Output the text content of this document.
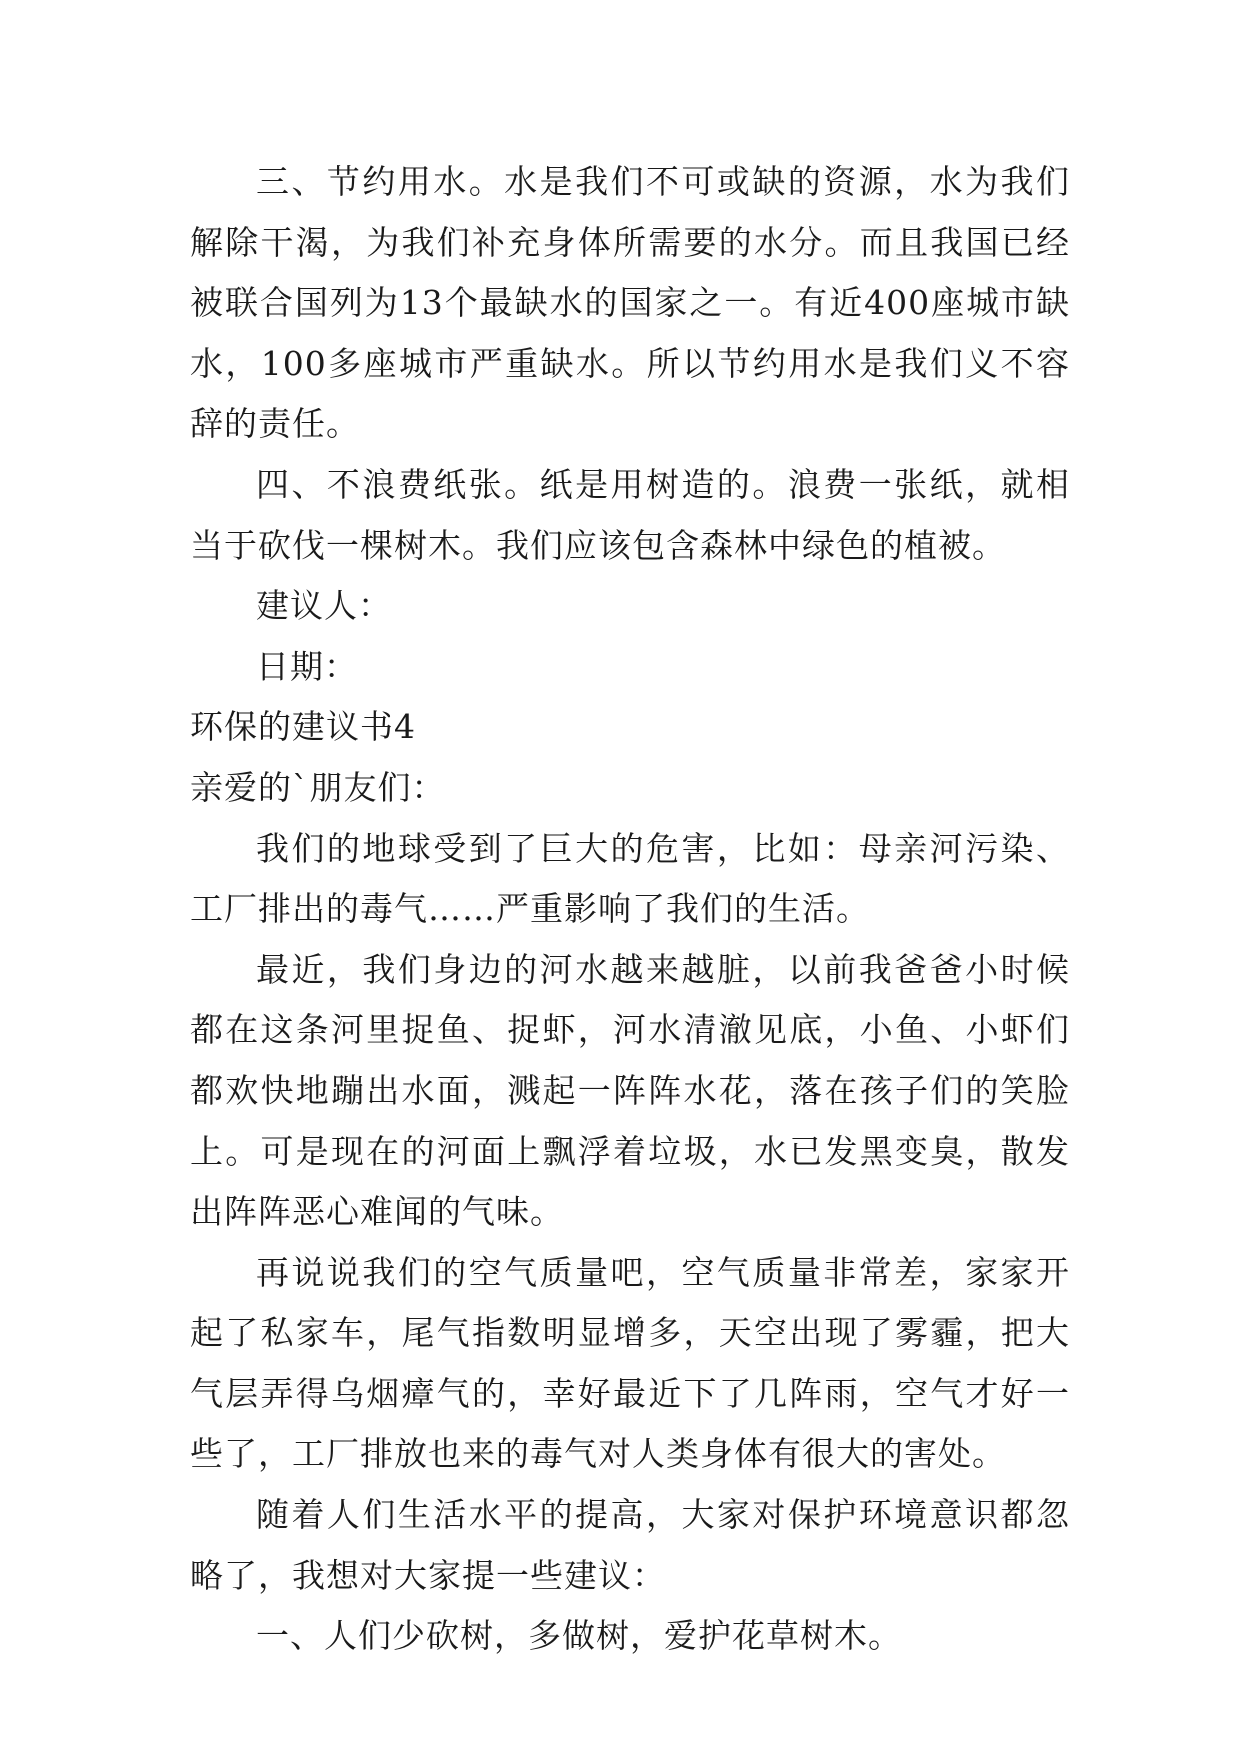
三、节约用水。水是我们不可或缺的资源，水为我们解除干渴，为我们补充身体所需要的水分。而且我国已经被联合国列为13个最缺水的国家之一。有近400座城市缺水，100多座城市严重缺水。所以节约用水是我们义不容辞的责任。

四、不浪费纸张。纸是用树造的。浪费一张纸，就相当于砍伐一棵树木。我们应该包含森林中绿色的植被。

建议人：

日期：

环保的建议书4

亲爱的`朋友们：

我们的地球受到了巨大的危害，比如：母亲河污染、工厂排出的毒气……严重影响了我们的生活。

最近，我们身边的河水越来越脏，以前我爸爸小时候都在这条河里捉鱼、捉虾，河水清澈见底，小鱼、小虾们都欢快地蹦出水面，溅起一阵阵水花，落在孩子们的笑脸上。可是现在的河面上飘浮着垃圾，水已发黑变臭，散发出阵阵恶心难闻的气味。

再说说我们的空气质量吧，空气质量非常差，家家开起了私家车，尾气指数明显增多，天空出现了雾霾，把大气层弄得乌烟瘴气的，幸好最近下了几阵雨，空气才好一些了，工厂排放也来的毒气对人类身体有很大的害处。

随着人们生活水平的提高，大家对保护环境意识都忽略了，我想对大家提一些建议：

一、人们少砍树，多做树，爱护花草树木。
